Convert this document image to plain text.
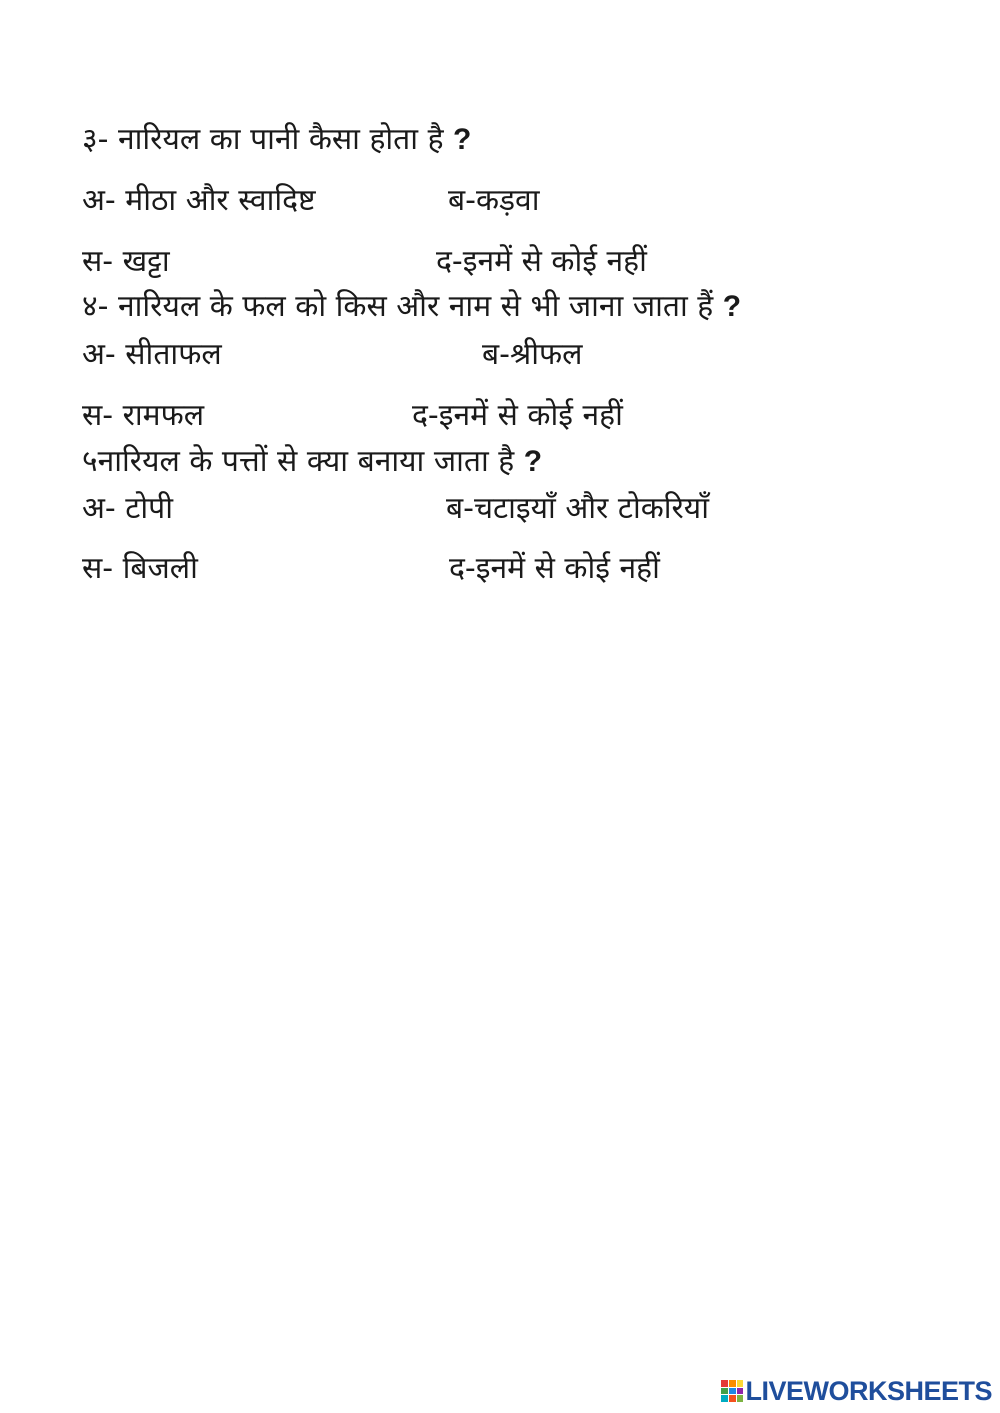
३- नारियल का पानी कैसा होता है ?
अ- मीठा और स्वादिष्ट	ब-कड़वा
स- खट्टा	द-इनमें से कोई नहीं
४- नारियल के फल को किस और नाम से भी जाना जाता हैं ?
अ- सीताफल	ब-श्रीफल
स- रामफल	द-इनमें से कोई नहीं
५नारियल के पत्तों से क्या बनाया जाता है ?
अ- टोपी	ब-चटाइयाँ और टोकरियाँ
स- बिजली	द-इनमें से कोई नहीं
LIVEWORKSHEETS
